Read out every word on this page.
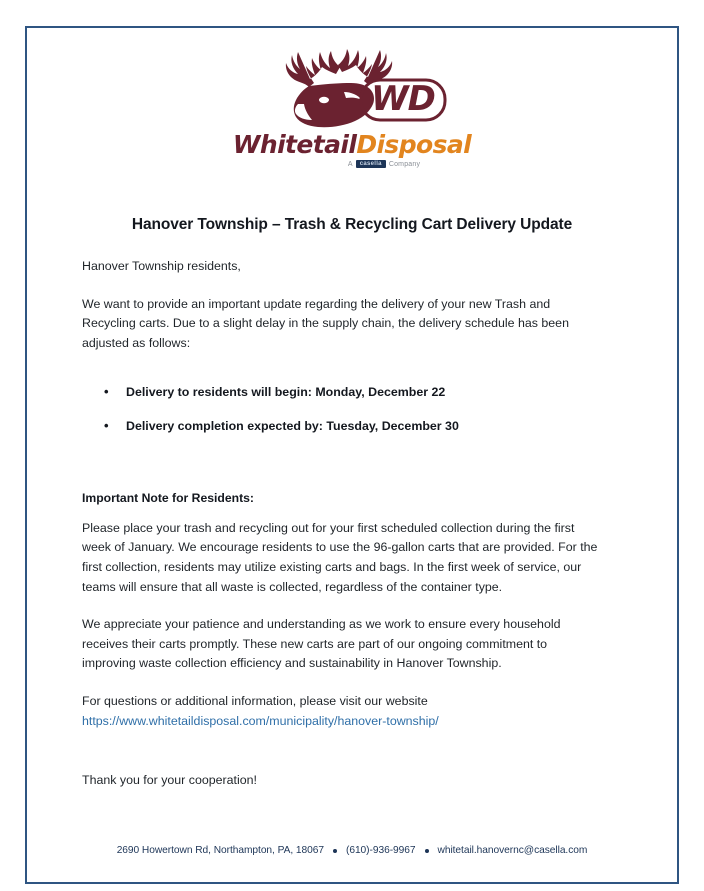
WD
WhitetailDisposal
A	casella	Company
Hanover Township – Trash & Recycling Cart Delivery Update

Hanover Township residents,

We want to provide an important update regarding the delivery of your new Trash and Recycling carts. Due to a slight delay in the supply chain, the delivery schedule has been adjusted as follows:

• Delivery to residents will begin: Monday, December 22
• Delivery completion expected by: Tuesday, December 30

Important Note for Residents:

Please place your trash and recycling out for your first scheduled collection during the first week of January. We encourage residents to use the 96-gallon carts that are provided. For the first collection, residents may utilize existing carts and bags. In the first week of service, our teams will ensure that all waste is collected, regardless of the container type.

We appreciate your patience and understanding as we work to ensure every household receives their carts promptly. These new carts are part of our ongoing commitment to improving waste collection efficiency and sustainability in Hanover Township.

For questions or additional information, please visit our website

https://www.whitetaildisposal.com/municipality/hanover-township/

Thank you for your cooperation!

2690 Howertown Rd, Northampton, PA, 18067 (610)-936-9967 whitetail.hanovernc@casella.com
